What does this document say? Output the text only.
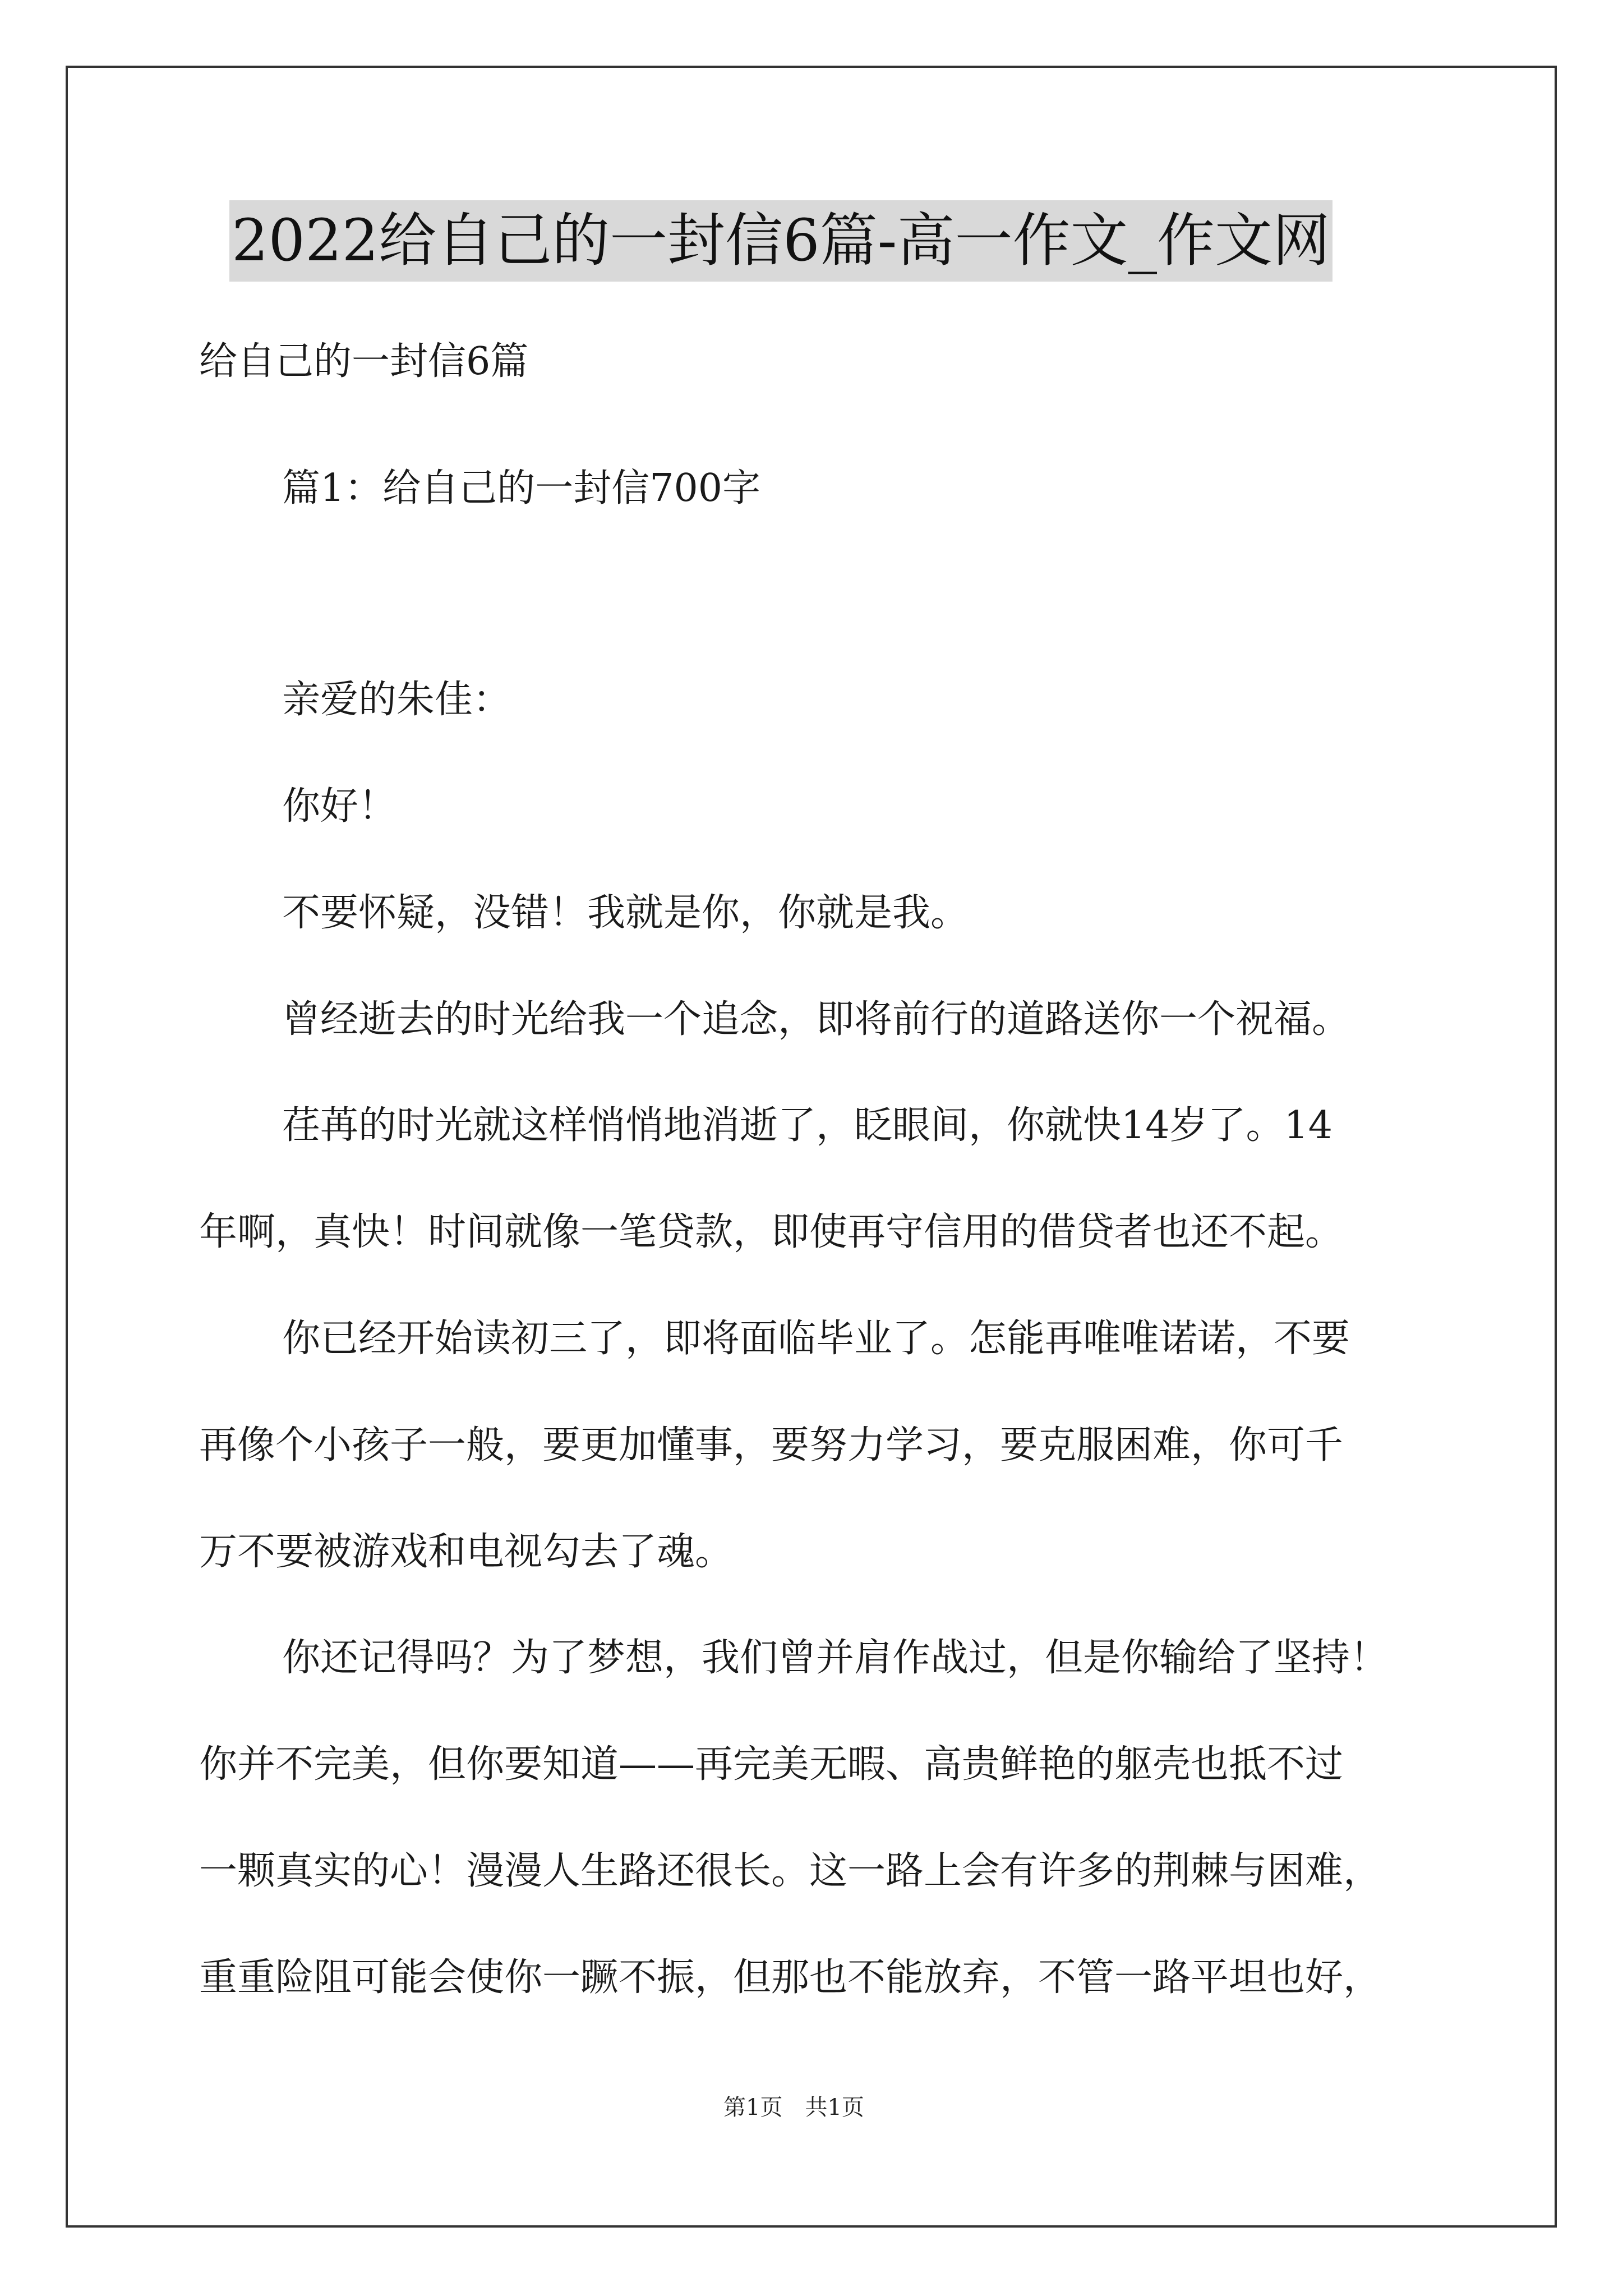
2022给自己的一封信6篇-高一作文_作文网
给自己的一封信6篇
篇1：给自己的一封信700字
亲爱的朱佳：
你好！
不要怀疑，没错！我就是你，你就是我。
曾经逝去的时光给我一个追念，即将前行的道路送你一个祝福。
荏苒的时光就这样悄悄地消逝了，眨眼间，你就快14岁了。14
年啊，真快！时间就像一笔贷款，即使再守信用的借贷者也还不起。
你已经开始读初三了，即将面临毕业了。怎能再唯唯诺诺，不要
再像个小孩子一般，要更加懂事，要努力学习，要克服困难，你可千
万不要被游戏和电视勾去了魂。
你还记得吗？为了梦想，我们曾并肩作战过，但是你输给了坚持！
你并不完美，但你要知道——再完美无暇、高贵鲜艳的躯壳也抵不过
一颗真实的心！漫漫人生路还很长。这一路上会有许多的荆棘与困难，
重重险阻可能会使你一蹶不振，但那也不能放弃，不管一路平坦也好，
第1页　共1页
